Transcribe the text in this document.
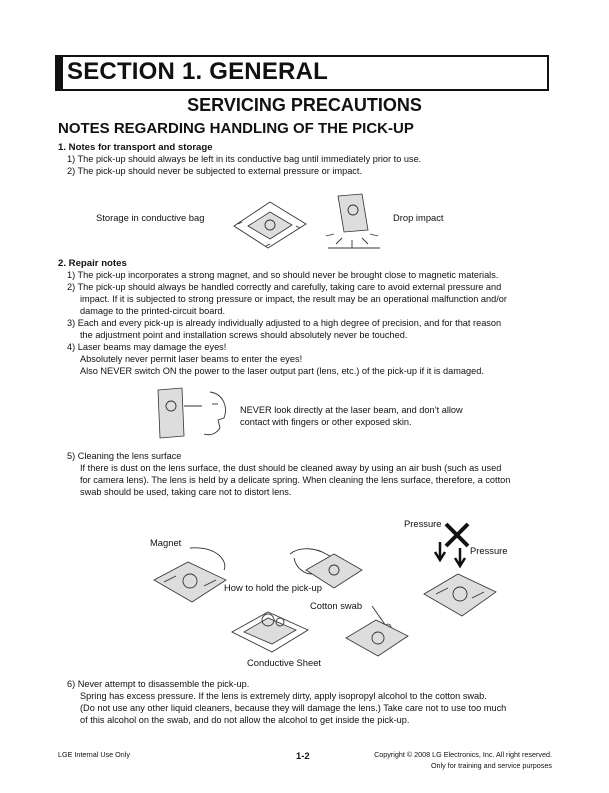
SECTION 1. GENERAL
SERVICING PRECAUTIONS
NOTES REGARDING HANDLING OF THE PICK-UP
1. Notes for transport and storage
1) The pick-up should always be left in its conductive bag until immediately prior to use.
2) The pick-up should never be subjected to external pressure or impact.
Storage in conductive bag	Drop impact
2. Repair notes
1) The pick-up incorporates a strong magnet, and so should never be brought close to magnetic materials.
2) The pick-up should always be handled correctly and carefully, taking care to avoid external pressure and
impact. If it is subjected to strong pressure or impact, the result may be an operational malfunction and/or
damage to the printed-circuit board.
3) Each and every pick-up is already individually adjusted to a high degree of precision, and for that reason
the adjustment point and installation screws should absolutely never be touched.
4) Laser beams may damage the eyes!
Absolutely never permit laser beams to enter the eyes!
Also NEVER switch ON the power to the laser output part (lens, etc.) of the pick-up if it is damaged.
NEVER look directly at the laser beam, and don’t allow
contact with fingers or other exposed skin.
5) Cleaning the lens surface
If there is dust on the lens surface, the dust should be cleaned away by using an air bush (such as used
for camera lens). The lens is held by a delicate spring. When cleaning the lens surface, therefore, a cotton
swab should be used, taking care not to distort lens.
Pressure
Pressure
Magnet
How to hold the pick-up
Cotton swab
Conductive Sheet
6) Never attempt to disassemble the pick-up.
Spring has excess pressure. If the lens is extremely dirty, apply isopropyl alcohol to the cotton swab.
(Do not use any other liquid cleaners, because they will damage the lens.) Take care not to use too much
of this alcohol on the swab, and do not allow the alcohol to get inside the pick-up.
LGE Internal Use Only	1-2	Copyright © 2008 LG Electronics, Inc. All right reserved.
Only for training and service purposes
